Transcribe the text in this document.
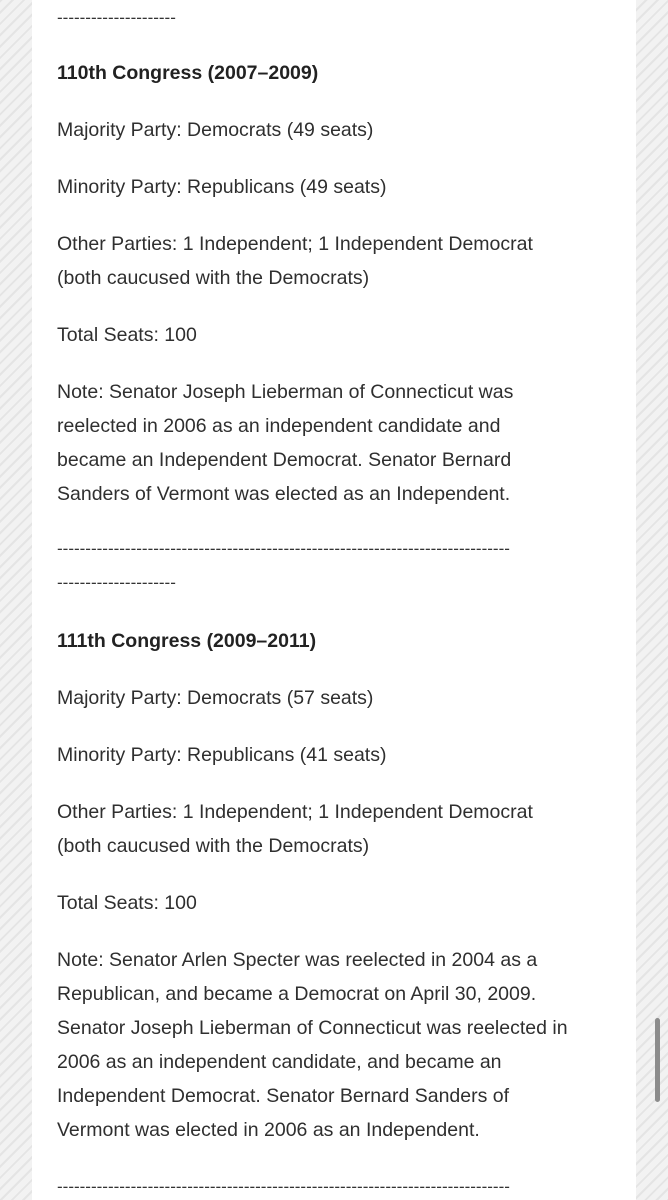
---------------------

110th Congress (2007–2009)

Majority Party: Democrats (49 seats)

Minority Party: Republicans (49 seats)

Other Parties: 1 Independent; 1 Independent Democrat

(both caucused with the Democrats)

Total Seats: 100

Note: Senator Joseph Lieberman of Connecticut was

reelected in 2006 as an independent candidate and

became an Independent Democrat. Senator Bernard

Sanders of Vermont was elected as an Independent.

--------------------------------------------------------------------------------
---------------------

111th Congress (2009–2011)

Majority Party: Democrats (57 seats)

Minority Party: Republicans (41 seats)

Other Parties: 1 Independent; 1 Independent Democrat

(both caucused with the Democrats)

Total Seats: 100

Note: Senator Arlen Specter was reelected in 2004 as a

Republican, and became a Democrat on April 30, 2009.

Senator Joseph Lieberman of Connecticut was reelected in

2006 as an independent candidate, and became an

Independent Democrat. Senator Bernard Sanders of

Vermont was elected in 2006 as an Independent.

--------------------------------------------------------------------------------
